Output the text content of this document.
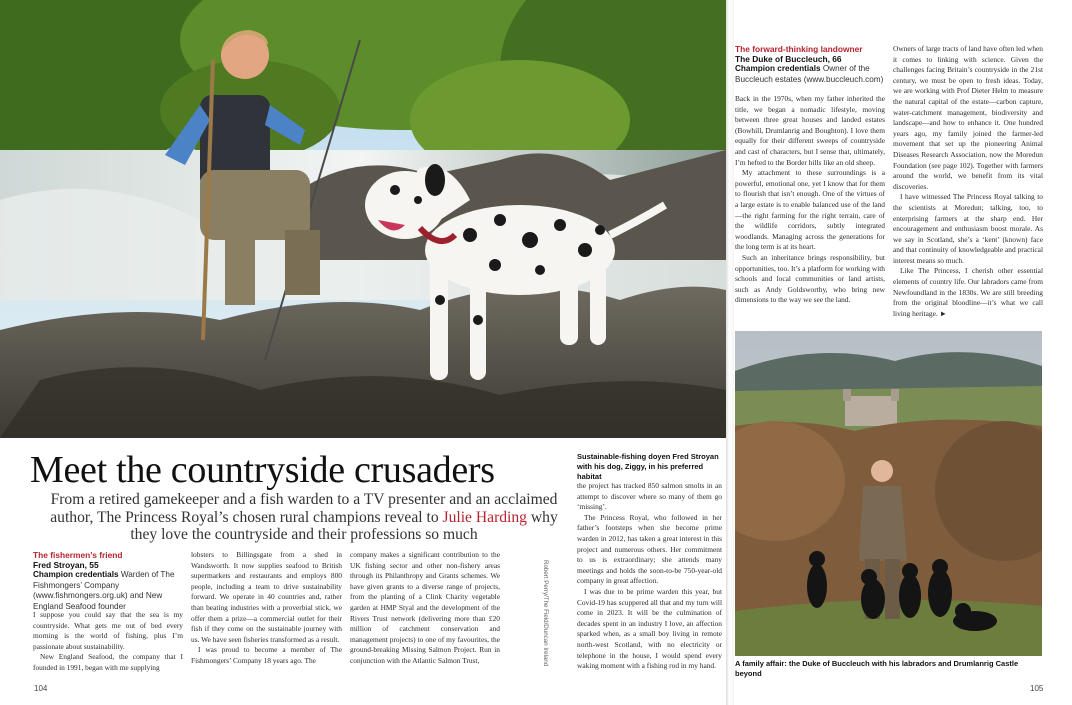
Meet the countryside crusaders
From a retired gamekeeper and a fish warden to a TV presenter and an acclaimed author, The Princess Royal’s chosen rural champions reveal to Julie Harding why they love the countryside and their professions so much
Sustainable-fishing doyen Fred Stroyan with his dog, Ziggy, in his preferred habitat
Robert Perry/The Field/Duncan Ireland
The fishermen’s friend
Fred Stroyan, 55
Champion credentials Warden of The Fishmongers’ Company (www.fishmongers.org.uk) and New England Seafood founder

I suppose you could say that the sea is my countryside. What gets me out of bed every morning is the world of fishing, plus I’m passionate about sustainability.

New England Seafood, the company that I founded in 1991, began with me supplying

lobsters to Billingsgate from a shed in Wandsworth. It now supplies seafood to British supermarkets and restaurants and employs 800 people, including a team to drive sustainability forward. We operate in 40 countries and, rather than beating industries with a proverbial stick, we offer them a prize—a commercial outlet for their fish if they come on the sustainable journey with us. We have seen fisheries transformed as a result.

I was proud to become a member of The Fishmongers’ Company 18 years ago. The

company makes a significant contribution to the UK fishing sector and other non-fishery areas through its Philanthropy and Grants schemes. We have given grants to a diverse range of projects, from the planting of a Clink Charity vegetable garden at HMP Styal and the development of the Rivers Trust network (delivering more than £20 million of catchment conservation and management projects) to one of my favourites, the ground-breaking Missing Salmon Project. Run in conjunction with the Atlantic Salmon Trust,

the project has tracked 850 salmon smolts in an attempt to discover where so many of them go ‘missing’.

The Princess Royal, who followed in her father’s footsteps when she become prime warden in 2012, has taken a great interest in this project and numerous others. Her commitment to us is extraordinary; she attends many meetings and holds the soon-to-be 750-year-old company in great affection.

I was due to be prime warden this year, but Covid-19 has scuppered all that and my turn will come in 2023. It will be the culmination of decades spent in an industry I love, an affection sparked when, as a small boy living in remote north-west Scotland, with no electricity or telephone in the house, I would spend every waking moment with a fishing rod in my hand.

104
The forward-thinking landowner
The Duke of Buccleuch, 66
Champion credentials Owner of the Buccleuch estates (www.buccleuch.com)

Back in the 1970s, when my father inherited the title, we began a nomadic lifestyle, moving between three great houses and landed estates (Bowhill, Drumlanrig and Boughton). I love them equally for their different sweeps of countryside and cast of characters, but I sense that, ultimately, I’m hefted to the Border hills like an old sheep.

My attachment to these surroundings is a powerful, emotional one, yet I know that for them to flourish that isn’t enough. One of the virtues of a large estate is to enable balanced use of the land—the right farming for the right terrain, care of the wildlife corridors, subtly integrated woodlands. Managing across the generations for the long term is at its heart.

Such an inheritance brings responsibility, but opportunities, too. It’s a platform for working with schools and local communities or land artists, such as Andy Goldsworthy, who bring new dimensions to the way we see the land.

Owners of large tracts of land have often led when it comes to linking with science. Given the challenges facing Britain’s countryside in the 21st century, we must be open to fresh ideas. Today, we are working with Prof Dieter Helm to measure the natural capital of the estate—carbon capture, water-catchment management, biodiversity and landscape—and how to enhance it. One hundred years ago, my family joined the farmer-led movement that set up the pioneering Animal Diseases Research Association, now the Moredun Foundation (see page 102). Together with farmers around the world, we benefit from its vital discoveries.

I have witnessed The Princess Royal talking to the scientists at Moredun; talking, too, to enterprising farmers at the sharp end. Her encouragement and enthusiasm boost morale. As we say in Scotland, she’s a ‘kent’ (known) face and that continuity of knowledgeable and practical interest means so much.

Like The Princess, I cherish other essential elements of country life. Our labradors came from Newfoundland in the 1830s. We are still breeding from the original bloodline—it’s what we call living heritage. ►

A family affair: the Duke of Buccleuch with his labradors and Drumlanrig Castle beyond
105
